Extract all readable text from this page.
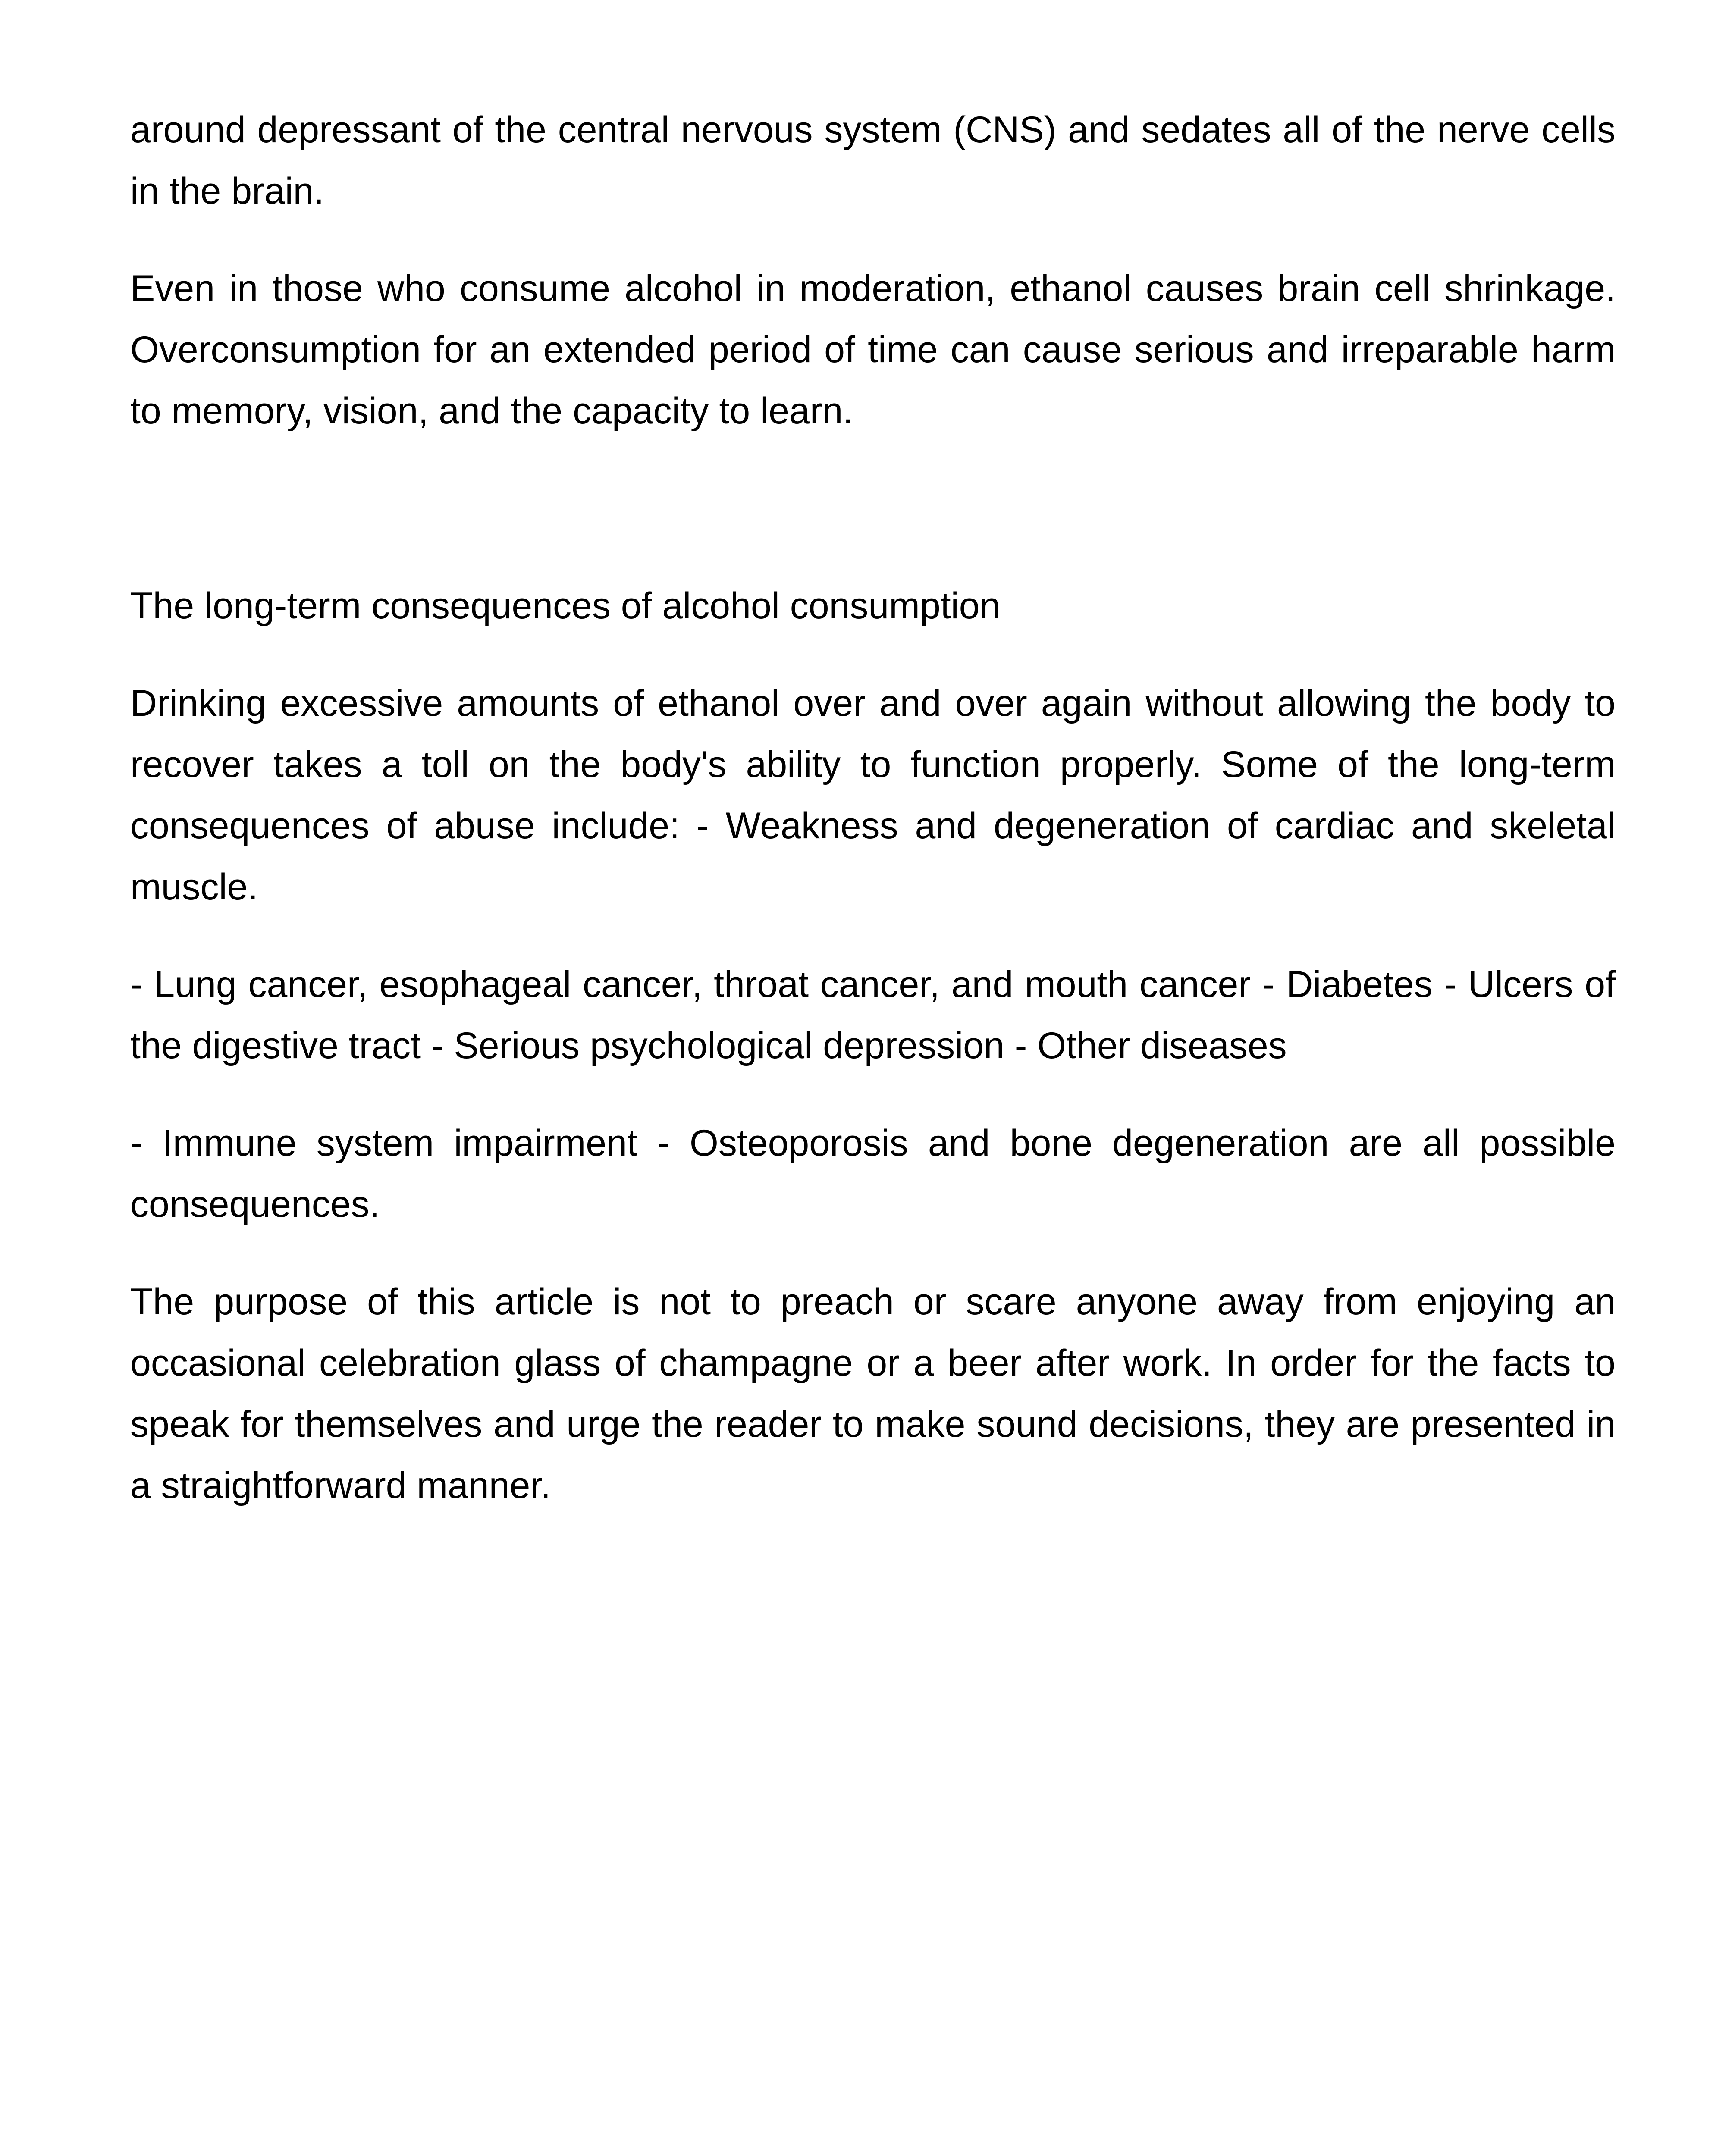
around depressant of the central nervous system (CNS) and sedates all of the nerve cells in the brain.

Even in those who consume alcohol in moderation, ethanol causes brain cell shrinkage. Overconsumption for an extended period of time can cause serious and irreparable harm to memory, vision, and the capacity to learn.

The long-term consequences of alcohol consumption

Drinking excessive amounts of ethanol over and over again without allowing the body to recover takes a toll on the body's ability to function properly. Some of the long-term consequences of abuse include: - Weakness and degeneration of cardiac and skeletal muscle.

- Lung cancer, esophageal cancer, throat cancer, and mouth cancer - Diabetes - Ulcers of the digestive tract - Serious psychological depression - Other diseases

- Immune system impairment - Osteoporosis and bone degeneration are all possible consequences.

The purpose of this article is not to preach or scare anyone away from enjoying an occasional celebration glass of champagne or a beer after work. In order for the facts to speak for themselves and urge the reader to make sound decisions, they are presented in a straightforward manner.
